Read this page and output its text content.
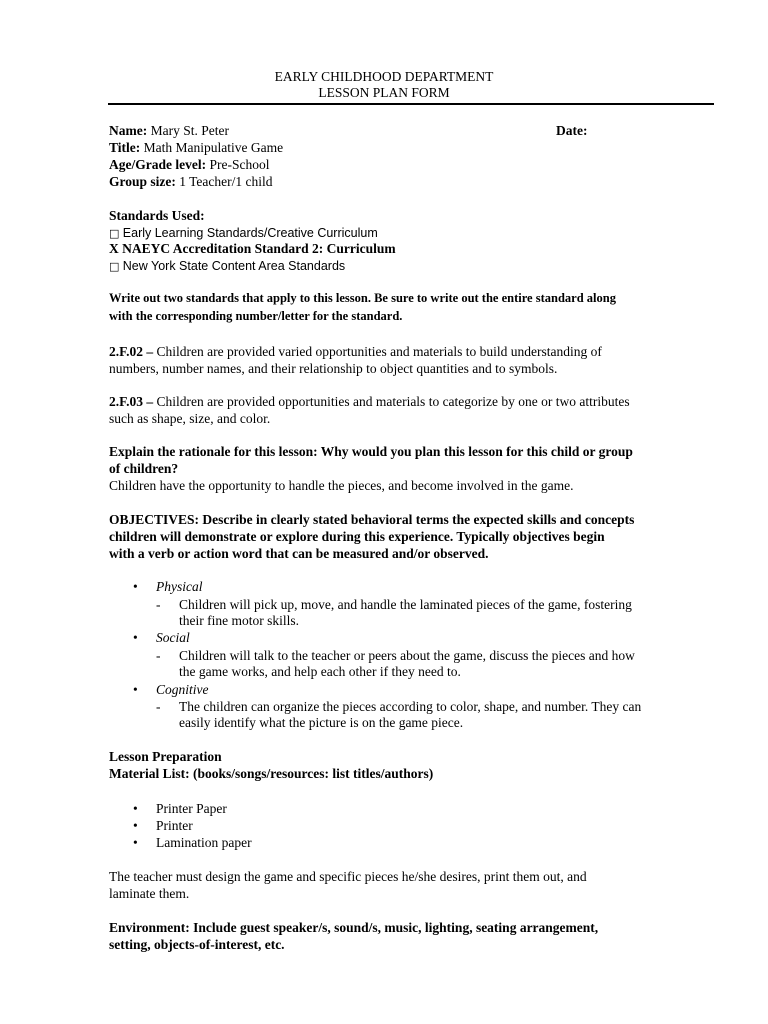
EARLY CHILDHOOD DEPARTMENT
LESSON PLAN FORM
Name: Mary St. Peter	Date:
Title: Math Manipulative Game
Age/Grade level: Pre-School
Group size: 1 Teacher/1 child
Standards Used:
□ Early Learning Standards/Creative Curriculum
X NAEYC Accreditation Standard 2: Curriculum
□ New York State Content Area Standards
Write out two standards that apply to this lesson. Be sure to write out the entire standard along
with the corresponding number/letter for the standard.
2.F.02 – Children are provided varied opportunities and materials to build understanding of
numbers, number names, and their relationship to object quantities and to symbols.
2.F.03 – Children are provided opportunities and materials to categorize by one or two attributes
such as shape, size, and color.
Explain the rationale for this lesson: Why would you plan this lesson for this child or group
of children?
Children have the opportunity to handle the pieces, and become involved in the game.
OBJECTIVES: Describe in clearly stated behavioral terms the expected skills and concepts
children will demonstrate or explore during this experience. Typically objectives begin
with a verb or action word that can be measured and/or observed.
• Physical
- Children will pick up, move, and handle the laminated pieces of the game, fostering
their fine motor skills.
• Social
- Children will talk to the teacher or peers about the game, discuss the pieces and how
the game works, and help each other if they need to.
• Cognitive
- The children can organize the pieces according to color, shape, and number. They can
easily identify what the picture is on the game piece.
Lesson Preparation
Material List: (books/songs/resources: list titles/authors)
• Printer Paper
• Printer
• Lamination paper
The teacher must design the game and specific pieces he/she desires, print them out, and
laminate them.
Environment: Include guest speaker/s, sound/s, music, lighting, seating arrangement,
setting, objects-of-interest, etc.
